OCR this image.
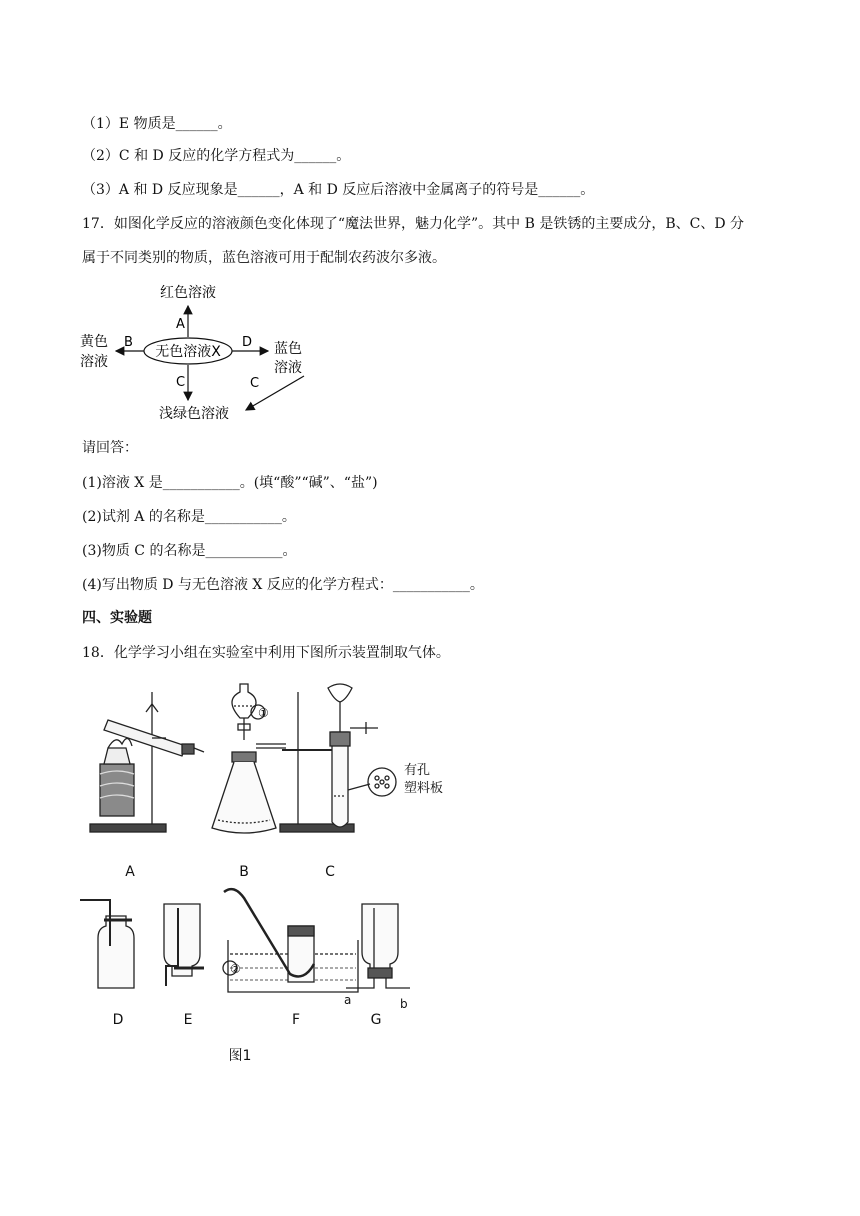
（1）E 物质是______。
（2）C 和 D 反应的化学方程式为______。
（3）A 和 D 反应现象是______，A 和 D 反应后溶液中金属离子的符号是______。
17．如图化学反应的溶液颜色变化体现了“魔法世界，魅力化学”。其中 B 是铁锈的主要成分，B、C、D 分
属于不同类别的物质，蓝色溶液可用于配制农药波尔多液。
无色溶液X
A
红色溶液
B
黄色
溶液
D 蓝色
溶液
C
浅绿色溶液
C
请回答：
(1)溶液 X 是___________。(填“酸”“碱”、“盐”)
(2)试剂 A 的名称是___________。
(3)物质 C 的名称是___________。
(4)写出物质 D 与无色溶液 X 反应的化学方程式：___________。
四、实验题
18．化学学习小组在实验室中利用下图所示装置制取气体。
①
有孔
塑料板
②
a	b
A	B	C
D	E	F	G
图1
